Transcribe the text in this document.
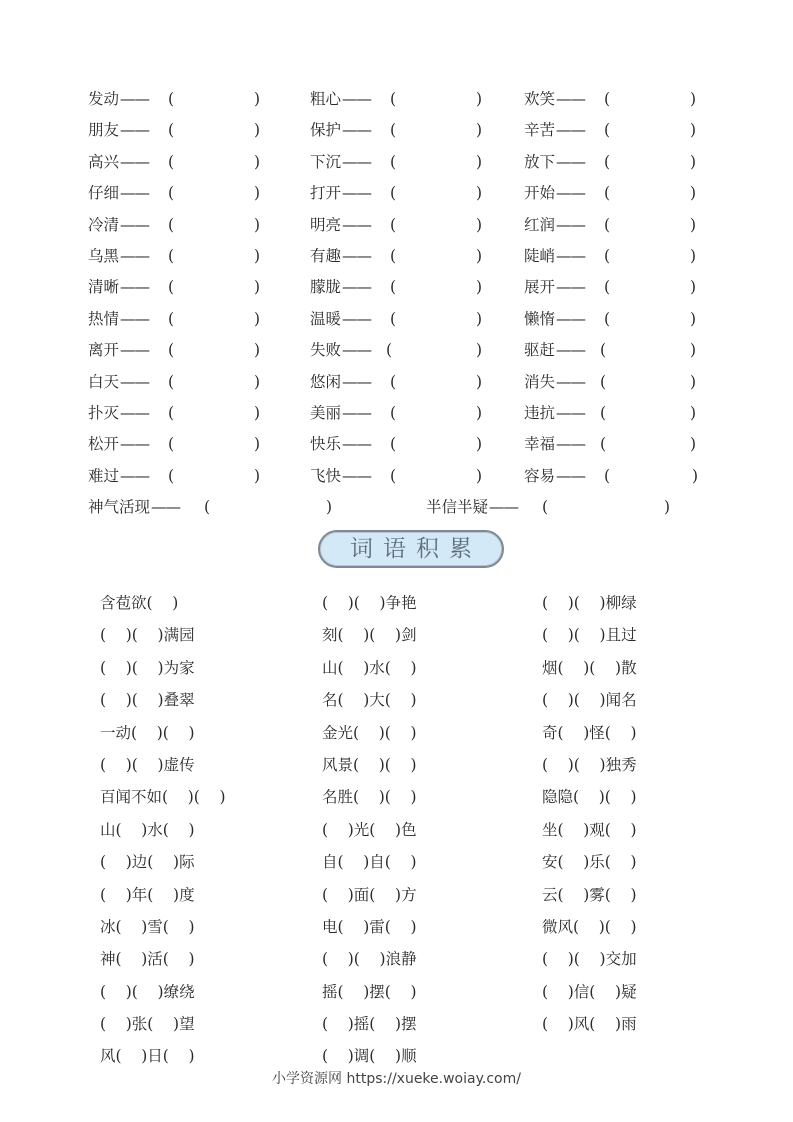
发动—— (	)	粗心—— (	)	欢笑—— (	)
朋友—— (	)	保护—— (	)	辛苦—— (	)
高兴—— (	)	下沉—— (	)	放下—— (	)
仔细—— (	)	打开—— (	)	开始—— (	)
冷清—— (	)	明亮—— (	)	红润—— (	)
乌黑—— (	)	有趣—— (	)	陡峭—— (	)
清晰—— (	)	朦胧—— (	)	展开—— (	)
热情—— (	)	温暖—— (	)	懒惰—— (	)
离开—— (	)	失败—— (	)	驱赶—— (	)
白天—— (	)	悠闲—— (	)	消失—— (	)
扑灭—— (	)	美丽—— (	)	违抗—— (	)
松开—— (	)	快乐—— (	)	幸福—— (	)
难过—— (	)	飞快—— (	)	容易—— (	)
神气活现—— (	)	半信半疑—— (	)
词语积累
含苞欲(    )	(    )(    )争艳	(    )(    )柳绿
(    )(    )满园	刻(    )(    )剑	(    )(    )且过
(    )(    )为家	山(    )水(    )	烟(    )(    )散
(    )(    )叠翠	名(    )大(    )	(    )(    )闻名
一动(    )(    )	金光(    )(    )	奇(    )怪(    )
(    )(    )虚传	风景(    )(    )	(    )(    )独秀
百闻不如(    )(    )	名胜(    )(    )	隐隐(    )(    )
山(    )水(    )	(    )光(    )色	坐(    )观(    )
(    )边(    )际	自(    )自(    )	安(    )乐(    )
(    )年(    )度	(    )面(    )方	云(    )雾(    )
冰(    )雪(    )	电(    )雷(    )	微风(    )(    )
神(    )活(    )	(    )(    )浪静	(    )(    )交加
(    )(    )缭绕	摇(    )摆(    )	(    )信(    )疑
(    )张(    )望	(    )摇(    )摆	(    )风(    )雨
风(    )日(    )	(    )调(    )顺
小学资源网 https://xueke.woiay.com/
